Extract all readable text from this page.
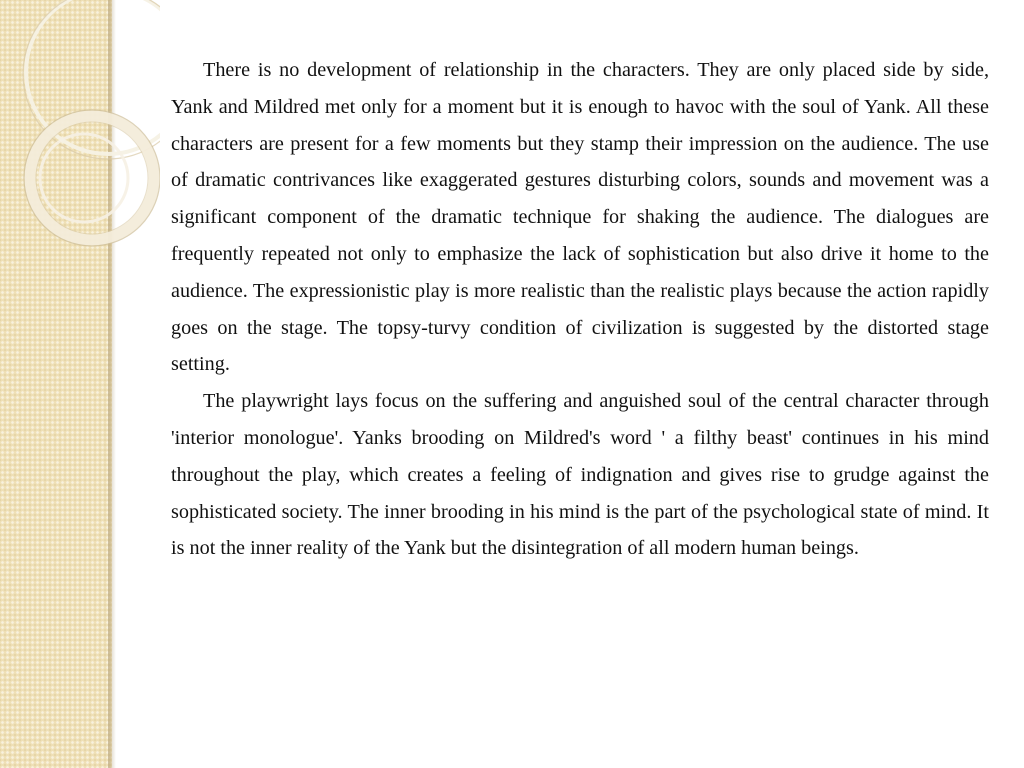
There is no development of relationship in the characters. They are only placed side by side, Yank and Mildred met only for a moment but it is enough to havoc with the soul of Yank. All these characters are present for a few moments but they stamp their impression on the audience. The use of dramatic contrivances like exaggerated gestures disturbing colors, sounds and movement was a significant component of the dramatic technique for shaking the audience. The dialogues are frequently repeated not only to emphasize the lack of sophistication but also drive it home to the audience. The expressionistic play is more realistic than the realistic plays because the action rapidly goes on the stage. The topsy-turvy condition of civilization is suggested by the distorted stage setting.

The playwright lays focus on the suffering and anguished soul of the central character through 'interior monologue'. Yanks brooding on Mildred's word ' a filthy beast' continues in his mind throughout the play, which creates a feeling of indignation and gives rise to grudge against the sophisticated society. The inner brooding in his mind is the part of the psychological state of mind. It is not the inner reality of the Yank but the disintegration of all modern human beings.
